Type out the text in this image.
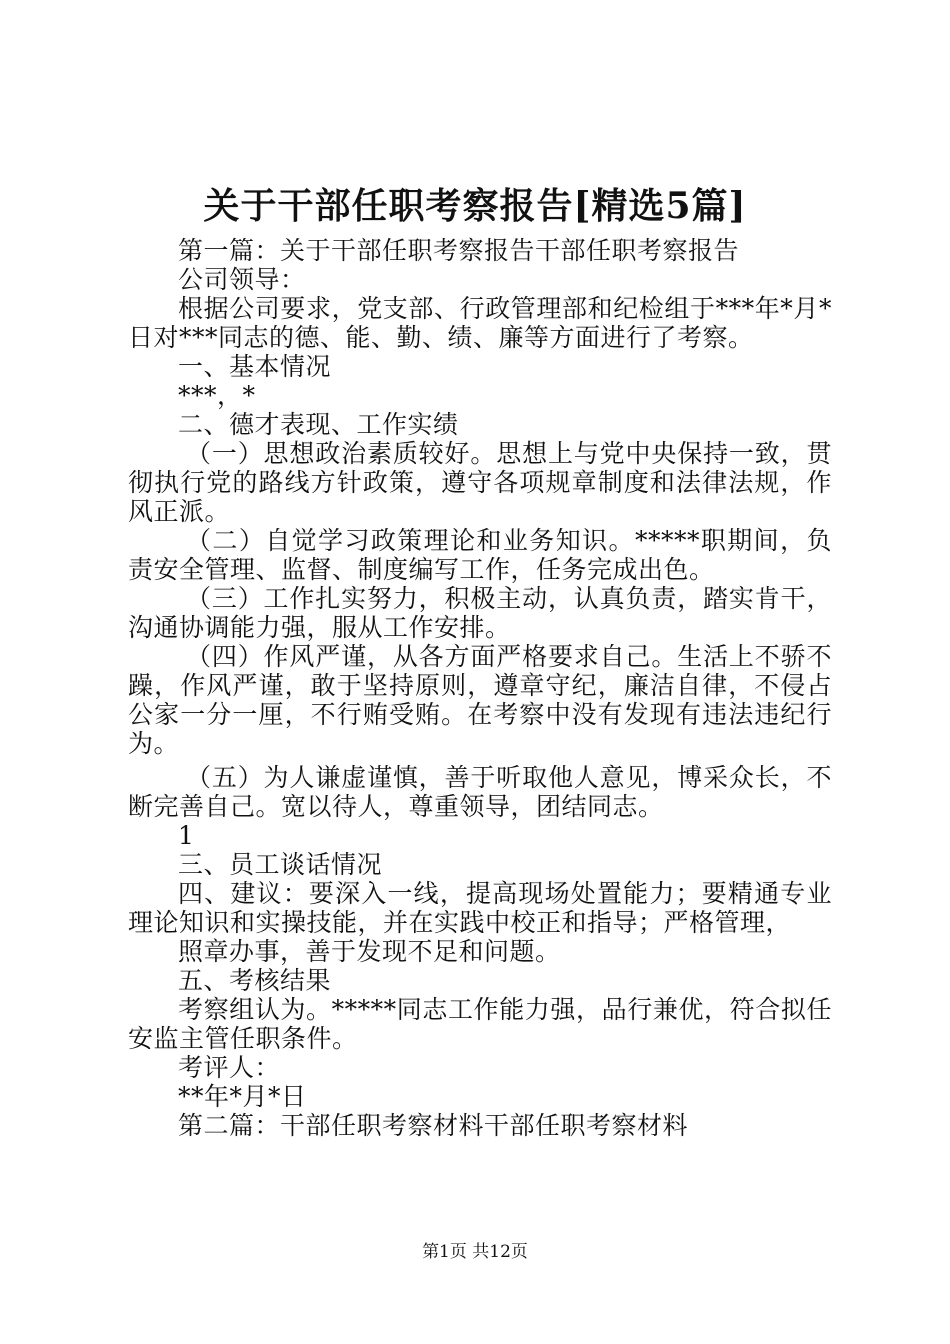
关于干部任职考察报告[精选5篇]

第一篇：关于干部任职考察报告干部任职考察报告

公司领导：

根据公司要求，党支部、行政管理部和纪检组于***年*月*日对***同志的德、能、勤、绩、廉等方面进行了考察。

一、基本情况

***，*

二、德才表现、工作实绩

（一）思想政治素质较好。思想上与党中央保持一致，贯彻执行党的路线方针政策，遵守各项规章制度和法律法规，作风正派。

（二）自觉学习政策理论和业务知识。*****职期间，负责安全管理、监督、制度编写工作，任务完成出色。

（三）工作扎实努力，积极主动，认真负责，踏实肯干，沟通协调能力强，服从工作安排。

（四）作风严谨，从各方面严格要求自己。生活上不骄不躁，作风严谨，敢于坚持原则，遵章守纪，廉洁自律，不侵占公家一分一厘，不行贿受贿。在考察中没有发现有违法违纪行为。

（五）为人谦虚谨慎，善于听取他人意见，博采众长，不断完善自己。宽以待人，尊重领导，团结同志。

1

三、员工谈话情况

四、建议：要深入一线，提高现场处置能力；要精通专业理论知识和实操技能，并在实践中校正和指导；严格管理，

照章办事，善于发现不足和问题。

五、考核结果

考察组认为。*****同志工作能力强，品行兼优，符合拟任安监主管任职条件。

考评人：

**年*月*日

第二篇：干部任职考察材料干部任职考察材料

第1页 共12页
